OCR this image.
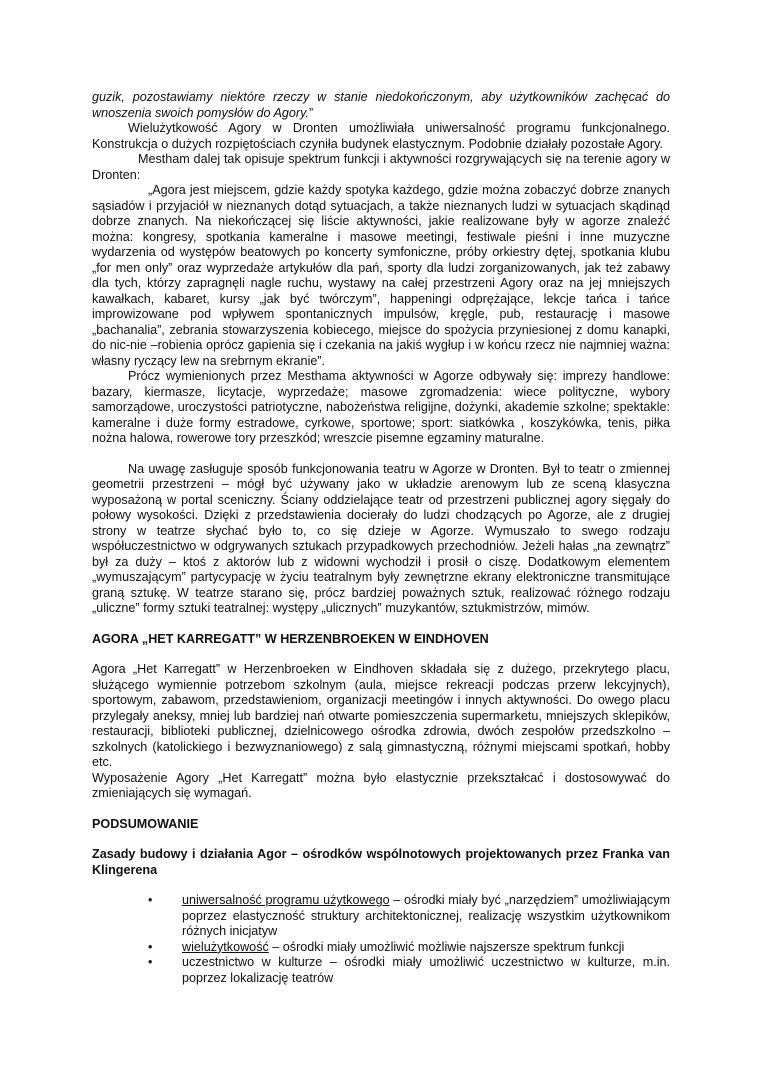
guzik, pozostawiamy niektóre rzeczy w stanie niedokończonym, aby użytkowników zachęcać do wnoszenia swoich pomysłów do Agory.”

Wielużytkowość Agory w Dronten umożliwiała uniwersalność programu funkcjonalnego. Konstrukcja o dużych rozpiętościach czyniła budynek elastycznym. Podobnie działały pozostałe Agory.

Mestham dalej tak opisuje spektrum funkcji i aktywności rozgrywających się na terenie agory w Dronten:

„Agora jest miejscem, gdzie każdy spotyka każdego, gdzie można zobaczyć dobrze znanych sąsiadów i przyjaciół w nieznanych dotąd sytuacjach, a także nieznanych ludzi w sytuacjach skądinąd dobrze znanych. Na niekończącej się liście aktywności, jakie realizowane były w agorze znaleźć można: kongresy, spotkania kameralne i masowe meetingi, festiwale pieśni i inne muzyczne wydarzenia od występów beatowych po koncerty symfoniczne, próby orkiestry dętej, spotkania klubu „for men only” oraz wyprzedaże artykułów dla pań, sporty dla ludzi zorganizowanych, jak też zabawy dla tych, którzy zapragnęli nagle ruchu, wystawy na całej przestrzeni Agory oraz na jej mniejszych kawałkach, kabaret, kursy „jak być twórczym”, happeningi odprężające, lekcje tańca i tańce improwizowane pod wpływem spontanicznych impulsów, kręgle, pub, restaurację i masowe „bachanalia”, zebrania stowarzyszenia kobiecego, miejsce do spożycia przyniesionej z domu kanapki, do nic-nie –robienia oprócz gapienia się i czekania na jakiś wygłup i w końcu rzecz nie najmniej ważna: własny ryczący lew na srebrnym ekranie”.

Prócz wymienionych przez Mesthama aktywności w Agorze odbywały się: imprezy handlowe: bazary, kiermasze, licytacje, wyprzedaże; masowe zgromadzenia: wiece polityczne, wybory samorządowe, uroczystości patriotyczne, nabożeństwa religijne, dożynki, akademie szkolne; spektakle: kameralne i duże formy estradowe, cyrkowe, sportowe; sport: siatkówka , koszykówka, tenis, piłka nożna halowa, rowerowe tory przeszkód; wreszcie pisemne egzaminy maturalne.

Na uwagę zasługuje sposób funkcjonowania teatru w Agorze w Dronten. Był to teatr o zmiennej geometrii przestrzeni – mógł być używany jako w układzie arenowym lub ze sceną klasyczna wyposażoną w portal sceniczny. Ściany oddzielające teatr od przestrzeni publicznej agory sięgały do połowy wysokości. Dzięki z przedstawienia docierały do ludzi chodzących po Agorze, ale z drugiej strony w teatrze słychać było to, co się dzieje w Agorze. Wymuszało to swego rodzaju współuczestnictwo w odgrywanych sztukach przypadkowych przechodniów. Jeżeli hałas „na zewnątrz” był za duży – ktoś z aktorów lub z widowni wychodził i prosił o ciszę. Dodatkowym elementem „wymuszającym” partycypację w życiu teatralnym były zewnętrzne ekrany elektroniczne transmitujące graną sztukę. W teatrze starano się, prócz bardziej poważnych sztuk, realizować różnego rodzaju „uliczne” formy sztuki teatralnej: występy „ulicznych” muzykantów, sztukmistrzów, mimów.

AGORA „HET KARREGATT” W HERZENBROEKEN W EINDHOVEN

Agora „Het Karregatt” w Herzenbroeken w Eindhoven składała się z dużego, przekrytego placu, służącego wymiennie potrzebom szkolnym (aula, miejsce rekreacji podczas przerw lekcyjnych), sportowym, zabawom, przedstawieniom, organizacji meetingów i innych aktywności. Do owego placu przylegały aneksy, mniej lub bardziej nań otwarte pomieszczenia supermarketu, mniejszych sklepików, restauracji, biblioteki publicznej, dzielnicowego ośrodka zdrowia, dwóch zespołów przedszkolno – szkolnych (katolickiego i bezwyznaniowego) z salą gimnastyczną, różnymi miejscami spotkań, hobby etc.

Wyposażenie Agory „Het Karregatt” można było elastycznie przekształcać i dostosowywać do zmieniających się wymagań.

PODSUMOWANIE

Zasady budowy i działania Agor – ośrodków wspólnotowych projektowanych przez Franka van Klingerena

• uniwersalność programu użytkowego – ośrodki miały być „narzędziem” umożliwiającym poprzez elastyczność struktury architektonicznej, realizację wszystkim użytkownikom różnych inicjatyw
• wielużytkowość – ośrodki miały umożliwić możliwie najszersze spektrum funkcji
• uczestnictwo w kulturze – ośrodki miały umożliwić uczestnictwo w kulturze, m.in. poprzez lokalizację teatrów
